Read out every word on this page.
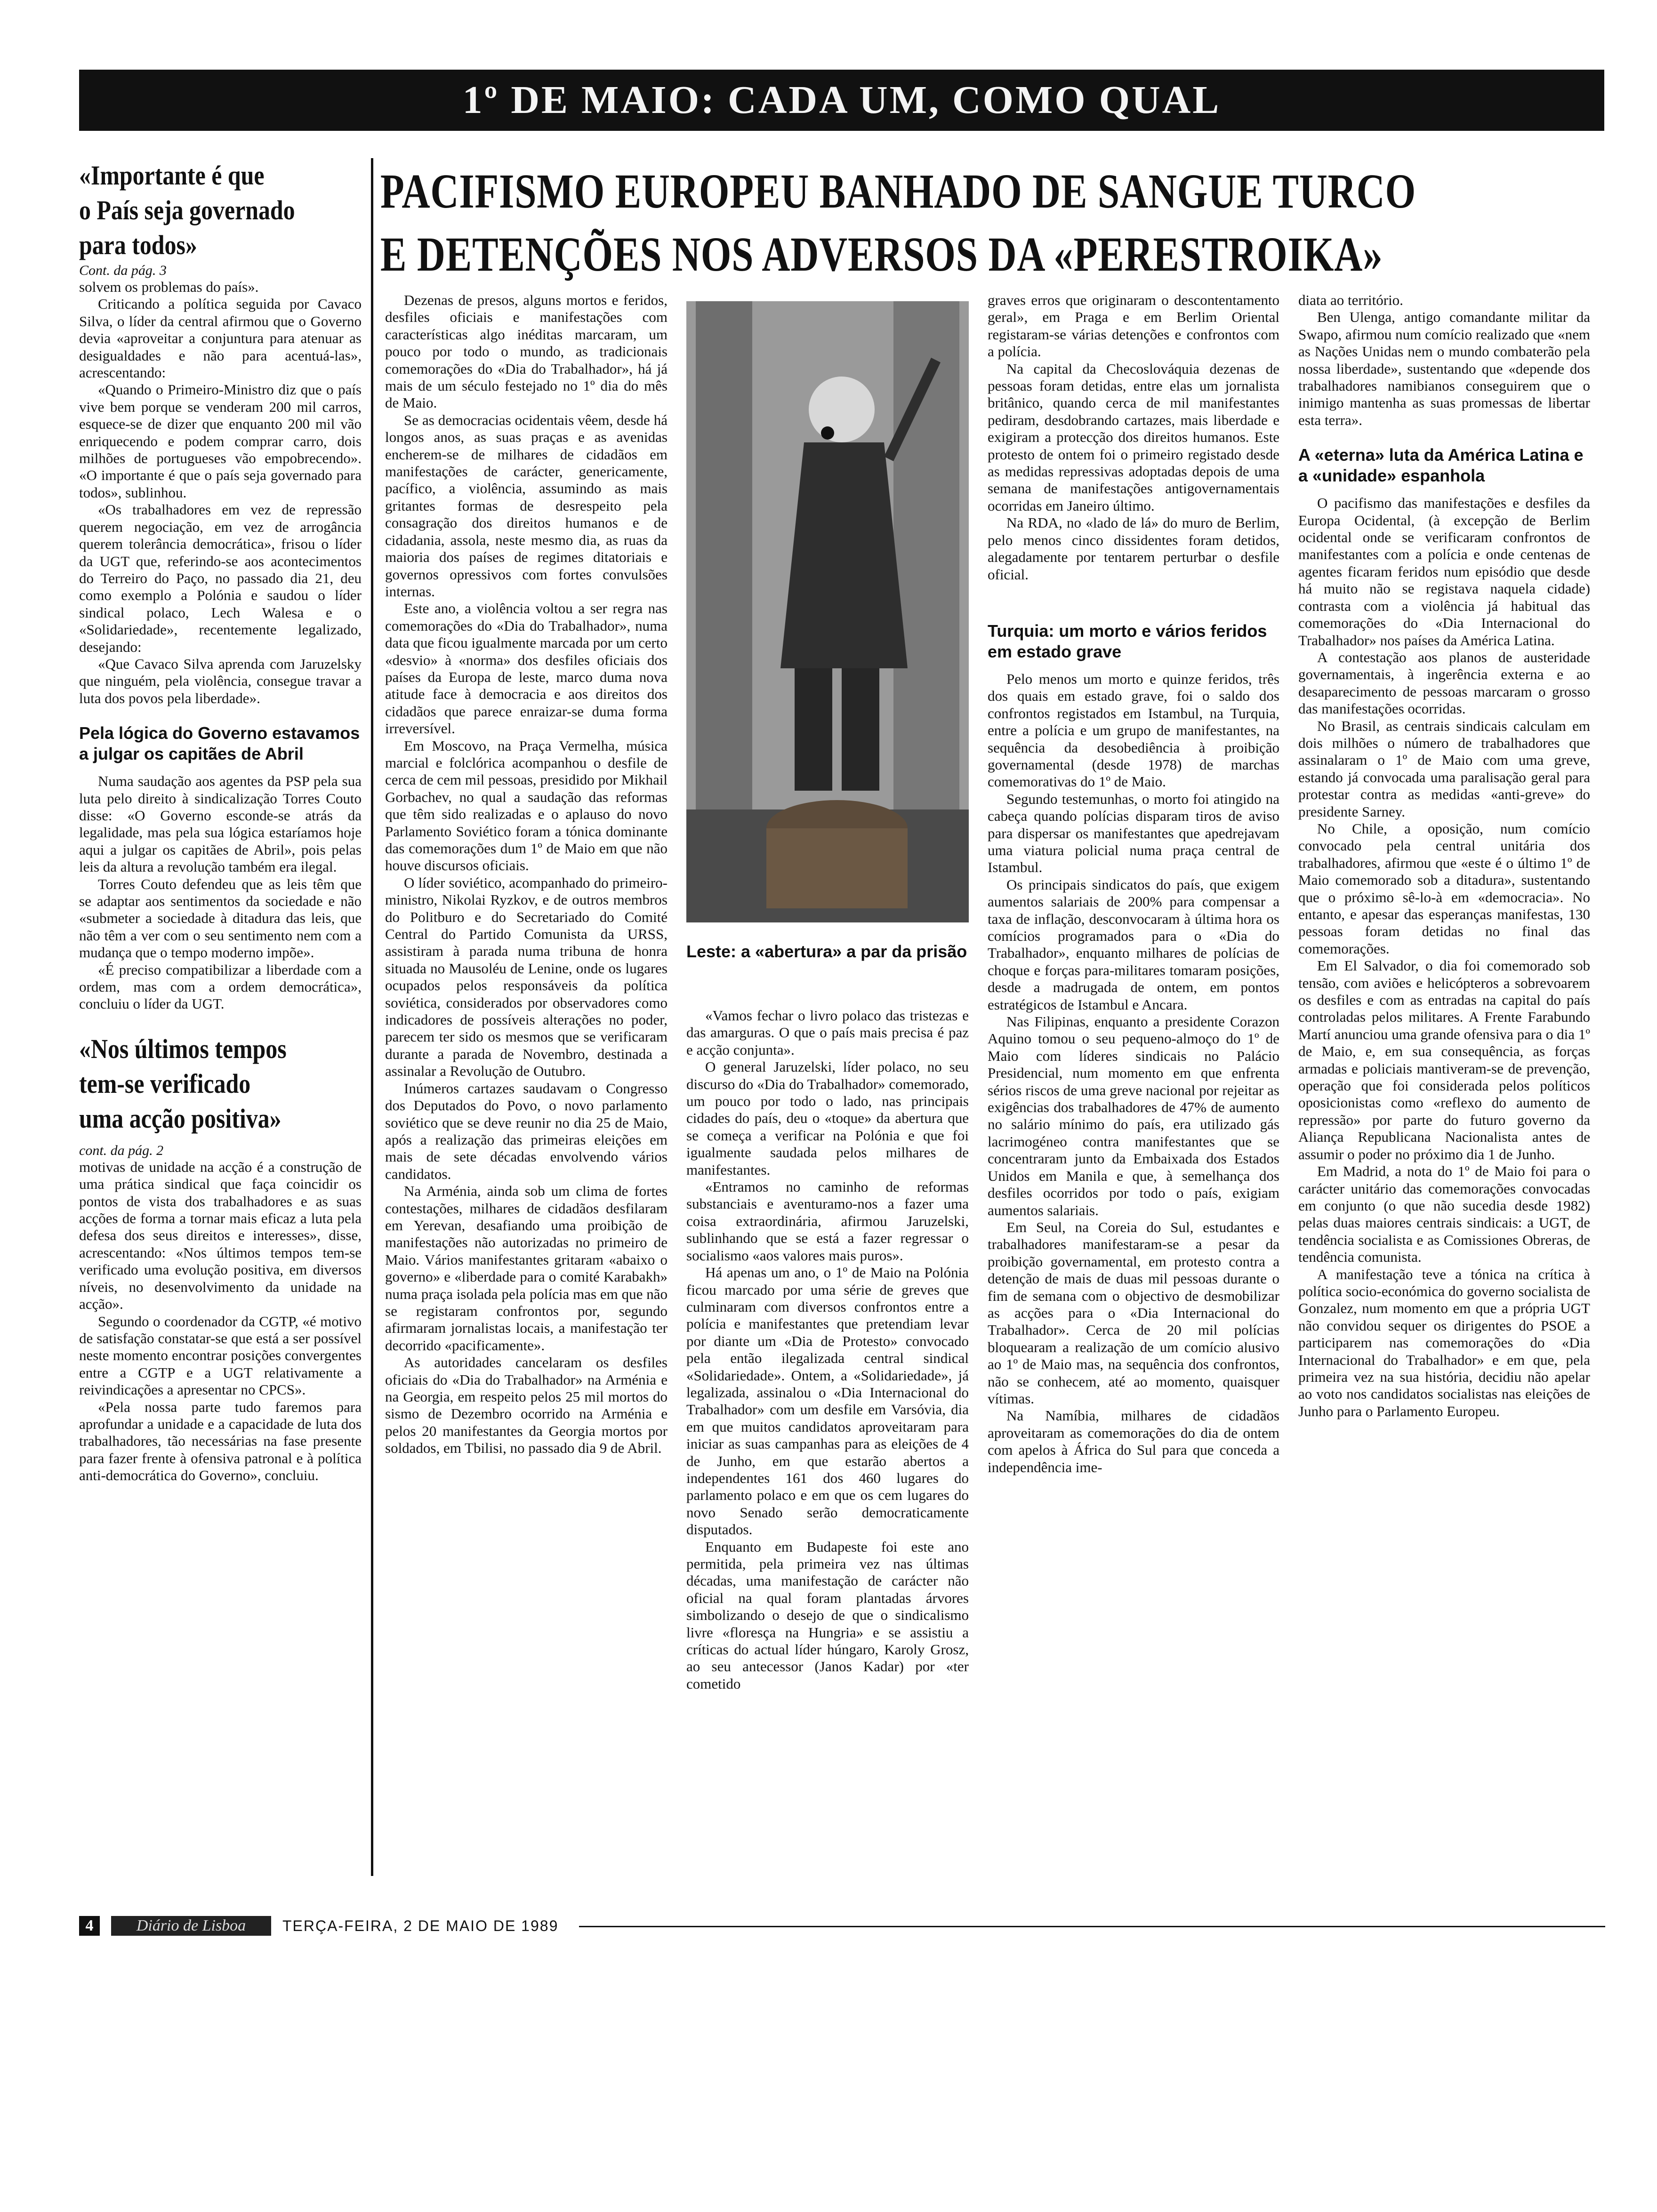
1º DE MAIO: CADA UM, COMO QUAL
«Importante é que
o País seja governado
para todos»
Cont. da pág. 3

solvem os problemas do país».

Criticando a política seguida por Cavaco Silva, o líder da central afirmou que o Governo devia «aproveitar a conjuntura para atenuar as desigualdades e não para acentuá-las», acrescentando:

«Quando o Primeiro-Ministro diz que o país vive bem porque se venderam 200 mil carros, esquece-se de dizer que enquanto 200 mil vão enriquecendo e podem comprar carro, dois milhões de portugueses vão empobrecendo». «O importante é que o país seja governado para todos», sublinhou.

«Os trabalhadores em vez de repressão querem negociação, em vez de arrogância querem tolerância democrática», frisou o líder da UGT que, referindo-se aos acontecimentos do Terreiro do Paço, no passado dia 21, deu como exemplo a Polónia e saudou o líder sindical polaco, Lech Walesa e o «Solidariedade», recentemente legalizado, desejando:

«Que Cavaco Silva aprenda com Jaruzelsky que ninguém, pela violência, consegue travar a luta dos povos pela liberdade».

Pela lógica do Governo estavamos a julgar os capitães de Abril

Numa saudação aos agentes da PSP pela sua luta pelo direito à sindicalização Torres Couto disse: «O Governo esconde-se atrás da legalidade, mas pela sua lógica estaríamos hoje aqui a julgar os capitães de Abril», pois pelas leis da altura a revolução também era ilegal.

Torres Couto defendeu que as leis têm que se adaptar aos sentimentos da sociedade e não «submeter a sociedade à ditadura das leis, que não têm a ver com o seu sentimento nem com a mudança que o tempo moderno impõe».

«É preciso compatibilizar a liberdade com a ordem, mas com a ordem democrática», concluiu o líder da UGT.

«Nos últimos tempos
tem-se verificado
uma acção positiva»
cont. da pág. 2

motivas de unidade na acção é a construção de uma prática sindical que faça coincidir os pontos de vista dos trabalhadores e as suas acções de forma a tornar mais eficaz a luta pela defesa dos seus direitos e interesses», disse, acrescentando: «Nos últimos tempos tem-se verificado uma evolução positiva, em diversos níveis, no desenvolvimento da unidade na acção».

Segundo o coordenador da CGTP, «é motivo de satisfação constatar-se que está a ser possível neste momento encontrar posições convergentes entre a CGTP e a UGT relativamente a reivindicações a apresentar no CPCS».

«Pela nossa parte tudo faremos para aprofundar a unidade e a capacidade de luta dos trabalhadores, tão necessárias na fase presente para fazer frente à ofensiva patronal e à política anti-democrática do Governo», concluiu.

PACIFISMO EUROPEU BANHADO DE SANGUE TURCO
E DETENÇÕES NOS ADVERSOS DA «PERESTROIKA»

Dezenas de presos, alguns mortos e feridos, desfiles oficiais e manifestações com características algo inéditas marcaram, um pouco por todo o mundo, as tradicionais comemorações do «Dia do Trabalhador», há já mais de um século festejado no 1º dia do mês de Maio.

Se as democracias ocidentais vêem, desde há longos anos, as suas praças e as avenidas encherem-se de milhares de cidadãos em manifestações de carácter, genericamente, pacífico, a violência, assumindo as mais gritantes formas de desrespeito pela consagração dos direitos humanos e de cidadania, assola, neste mesmo dia, as ruas da maioria dos países de regimes ditatoriais e governos opressivos com fortes convulsões internas.

Este ano, a violência voltou a ser regra nas comemorações do «Dia do Trabalhador», numa data que ficou igualmente marcada por um certo «desvio» à «norma» dos desfiles oficiais dos países da Europa de leste, marco duma nova atitude face à democracia e aos direitos dos cidadãos que parece enraizar-se duma forma irreversível.

Em Moscovo, na Praça Vermelha, música marcial e folclórica acompanhou o desfile de cerca de cem mil pessoas, presidido por Mikhail Gorbachev, no qual a saudação das reformas que têm sido realizadas e o aplauso do novo Parlamento Soviético foram a tónica dominante das comemorações dum 1º de Maio em que não houve discursos oficiais.

O líder soviético, acompanhado do primeiro-ministro, Nikolai Ryzkov, e de outros membros do Politburo e do Secretariado do Comité Central do Partido Comunista da URSS, assistiram à parada numa tribuna de honra situada no Mausoléu de Lenine, onde os lugares ocupados pelos responsáveis da política soviética, considerados por observadores como indicadores de possíveis alterações no poder, parecem ter sido os mesmos que se verificaram durante a parada de Novembro, destinada a assinalar a Revolução de Outubro.

Inúmeros cartazes saudavam o Congresso dos Deputados do Povo, o novo parlamento soviético que se deve reunir no dia 25 de Maio, após a realização das primeiras eleições em mais de sete décadas envolvendo vários candidatos.

Na Arménia, ainda sob um clima de fortes contestações, milhares de cidadãos desfilaram em Yerevan, desafiando uma proibição de manifestações não autorizadas no primeiro de Maio. Vários manifestantes gritaram «abaixo o governo» e «liberdade para o comité Karabakh» numa praça isolada pela polícia mas em que não se registaram confrontos por, segundo afirmaram jornalistas locais, a manifestação ter decorrido «pacificamente».

As autoridades cancelaram os desfiles oficiais do «Dia do Trabalhador» na Arménia e na Georgia, em respeito pelos 25 mil mortos do sismo de Dezembro ocorrido na Arménia e pelos 20 manifestantes da Georgia mortos por soldados, em Tbilisi, no passado dia 9 de Abril.

Leste: a «abertura» a par da prisão

«Vamos fechar o livro polaco das tristezas e das amarguras. O que o país mais precisa é paz e acção conjunta».

O general Jaruzelski, líder polaco, no seu discurso do «Dia do Trabalhador» comemorado, um pouco por todo o lado, nas principais cidades do país, deu o «toque» da abertura que se começa a verificar na Polónia e que foi igualmente saudada pelos milhares de manifestantes.

«Entramos no caminho de reformas substanciais e aventuramo-nos a fazer uma coisa extraordinária, afirmou Jaruzelski, sublinhando que se está a fazer regressar o socialismo «aos valores mais puros».

Há apenas um ano, o 1º de Maio na Polónia ficou marcado por uma série de greves que culminaram com diversos confrontos entre a polícia e manifestantes que pretendiam levar por diante um «Dia de Protesto» convocado pela então ilegalizada central sindical «Solidariedade». Ontem, a «Solidariedade», já legalizada, assinalou o «Dia Internacional do Trabalhador» com um desfile em Varsóvia, dia em que muitos candidatos aproveitaram para iniciar as suas campanhas para as eleições de 4 de Junho, em que estarão abertos a independentes 161 dos 460 lugares do parlamento polaco e em que os cem lugares do novo Senado serão democraticamente disputados.

Enquanto em Budapeste foi este ano permitida, pela primeira vez nas últimas décadas, uma manifestação de carácter não oficial na qual foram plantadas árvores simbolizando o desejo de que o sindicalismo livre «floresça na Hungria» e se assistiu a críticas do actual líder húngaro, Karoly Grosz, ao seu antecessor (Janos Kadar) por «ter cometido

graves erros que originaram o descontentamento geral», em Praga e em Berlim Oriental registaram-se várias detenções e confrontos com a polícia.

Na capital da Checoslováquia dezenas de pessoas foram detidas, entre elas um jornalista britânico, quando cerca de mil manifestantes pediram, desdobrando cartazes, mais liberdade e exigiram a protecção dos direitos humanos. Este protesto de ontem foi o primeiro registado desde as medidas repressivas adoptadas depois de uma semana de manifestações antigovernamentais ocorridas em Janeiro último.

Na RDA, no «lado de lá» do muro de Berlim, pelo menos cinco dissidentes foram detidos, alegadamente por tentarem perturbar o desfile oficial.

Turquia: um morto e vários feridos em estado grave

Pelo menos um morto e quinze feridos, três dos quais em estado grave, foi o saldo dos confrontos registados em Istambul, na Turquia, entre a polícia e um grupo de manifestantes, na sequência da desobediência à proibição governamental (desde 1978) de marchas comemorativas do 1º de Maio.

Segundo testemunhas, o morto foi atingido na cabeça quando polícias disparam tiros de aviso para dispersar os manifestantes que apedrejavam uma viatura policial numa praça central de Istambul.

Os principais sindicatos do país, que exigem aumentos salariais de 200% para compensar a taxa de inflação, desconvocaram à última hora os comícios programados para o «Dia do Trabalhador», enquanto milhares de polícias de choque e forças para-militares tomaram posições, desde a madrugada de ontem, em pontos estratégicos de Istambul e Ancara.

Nas Filipinas, enquanto a presidente Corazon Aquino tomou o seu pequeno-almoço do 1º de Maio com líderes sindicais no Palácio Presidencial, num momento em que enfrenta sérios riscos de uma greve nacional por rejeitar as exigências dos trabalhadores de 47% de aumento no salário mínimo do país, era utilizado gás lacrimogéneo contra manifestantes que se concentraram junto da Embaixada dos Estados Unidos em Manila e que, à semelhança dos desfiles ocorridos por todo o país, exigiam aumentos salariais.

Em Seul, na Coreia do Sul, estudantes e trabalhadores manifestaram-se a pesar da proibição governamental, em protesto contra a detenção de mais de duas mil pessoas durante o fim de semana com o objectivo de desmobilizar as acções para o «Dia Internacional do Trabalhador». Cerca de 20 mil polícias bloquearam a realização de um comício alusivo ao 1º de Maio mas, na sequência dos confrontos, não se conhecem, até ao momento, quaisquer vítimas.

Na Namíbia, milhares de cidadãos aproveitaram as comemorações do dia de ontem com apelos à África do Sul para que conceda a independência ime-

diata ao território.

Ben Ulenga, antigo comandante militar da Swapo, afirmou num comício realizado que «nem as Nações Unidas nem o mundo combaterão pela nossa liberdade», sustentando que «depende dos trabalhadores namibianos conseguirem que o inimigo mantenha as suas promessas de libertar esta terra».

A «eterna» luta da América Latina e a «unidade» espanhola

O pacifismo das manifestações e desfiles da Europa Ocidental, (à excepção de Berlim ocidental onde se verificaram confrontos de manifestantes com a polícia e onde centenas de agentes ficaram feridos num episódio que desde há muito não se registava naquela cidade) contrasta com a violência já habitual das comemorações do «Dia Internacional do Trabalhador» nos países da América Latina.

A contestação aos planos de austeridade governamentais, à ingerência externa e ao desaparecimento de pessoas marcaram o grosso das manifestações ocorridas.

No Brasil, as centrais sindicais calculam em dois milhões o número de trabalhadores que assinalaram o 1º de Maio com uma greve, estando já convocada uma paralisação geral para protestar contra as medidas «anti-greve» do presidente Sarney.

No Chile, a oposição, num comício convocado pela central unitária dos trabalhadores, afirmou que «este é o último 1º de Maio comemorado sob a ditadura», sustentando que o próximo sê-lo-à em «democracia». No entanto, e apesar das esperanças manifestas, 130 pessoas foram detidas no final das comemorações.

Em El Salvador, o dia foi comemorado sob tensão, com aviões e helicópteros a sobrevoarem os desfiles e com as entradas na capital do país controladas pelos militares. A Frente Farabundo Martí anunciou uma grande ofensiva para o dia 1º de Maio, e, em sua consequência, as forças armadas e policiais mantiveram-se de prevenção, operação que foi considerada pelos políticos oposicionistas como «reflexo do aumento de repressão» por parte do futuro governo da Aliança Republicana Nacionalista antes de assumir o poder no próximo dia 1 de Junho.

Em Madrid, a nota do 1º de Maio foi para o carácter unitário das comemorações convocadas em conjunto (o que não sucedia desde 1982) pelas duas maiores centrais sindicais: a UGT, de tendência socialista e as Comissiones Obreras, de tendência comunista.

A manifestação teve a tónica na crítica à política socio-económica do governo socialista de Gonzalez, num momento em que a própria UGT não convidou sequer os dirigentes do PSOE a participarem nas comemorações do «Dia Internacional do Trabalhador» e em que, pela primeira vez na sua história, decidiu não apelar ao voto nos candidatos socialistas nas eleições de Junho para o Parlamento Europeu.

4	Diário de Lisboa	TERÇA-FEIRA, 2 DE MAIO DE 1989
